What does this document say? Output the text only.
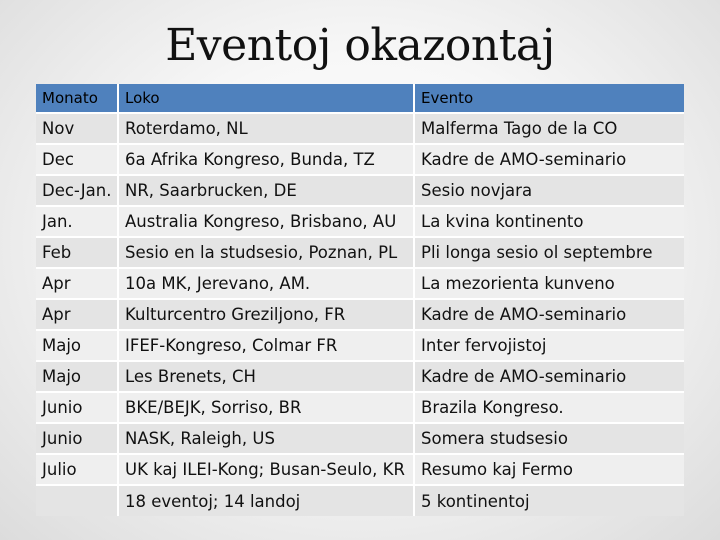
Eventoj okazontaj
Monato	Loko	Evento
Nov	Roterdamo, NL	Malferma Tago de la CO
Dec	6a Afrika Kongreso, Bunda, TZ	Kadre de AMO-seminario
Dec-Jan.	NR, Saarbrucken, DE	Sesio novjara
Jan.	Australia Kongreso, Brisbano, AU	La kvina kontinento
Feb	Sesio en la studsesio, Poznan, PL	Pli longa sesio ol septembre
Apr	10a MK, Jerevano, AM.	La mezorienta kunveno
Apr	Kulturcentro Greziljono, FR	Kadre de AMO-seminario
Majo	IFEF-Kongreso, Colmar FR	Inter fervojistoj
Majo	Les Brenets, CH	Kadre de AMO-seminario
Junio	BKE/BEJK, Sorriso, BR	Brazila Kongreso.
Junio	NASK, Raleigh, US	Somera studsesio
Julio	UK kaj ILEI-Kong; Busan-Seulo, KR	Resumo kaj Fermo
	18 eventoj; 14 landoj	5 kontinentoj
